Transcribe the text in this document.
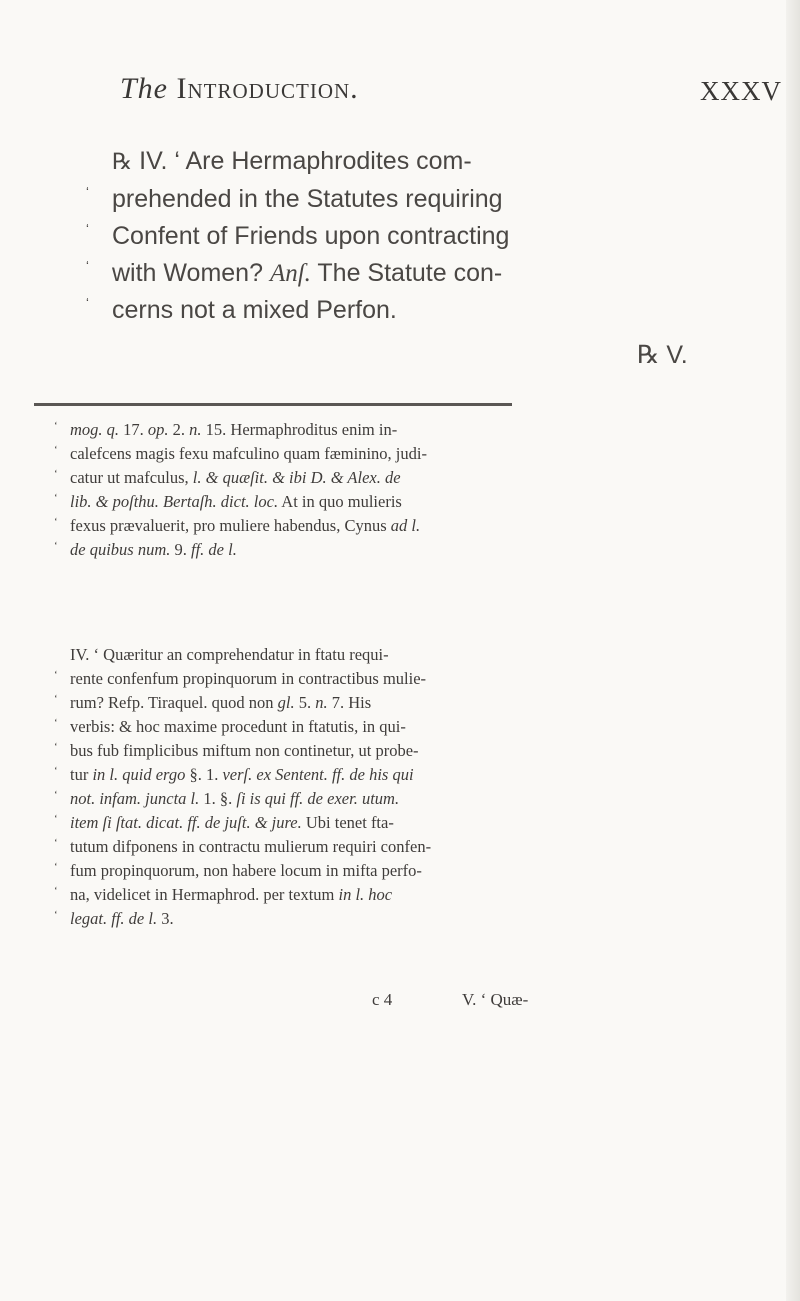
The Introduction.	XXXV
℞ IV. ‘ Are Hermaphrodites com-
‘ prehended in the Statutes requiring
‘ Confent of Friends upon contracting
‘ with Women? Anſ. The Statute con-
‘ cerns not a mixed Perfon.
℞ V.
‘ mog. q. 17. op. 2. n. 15. Hermaphroditus enim in-
‘ calefcens magis fexu mafculino quam fæminino, judi-
‘ catur ut mafculus, l. & quæſit. & ibi D. & Alex. de
‘ lib. & poſthu. Bertaſh. dict. loc. At in quo mulieris
‘ fexus prævaluerit, pro muliere habendus, Cynus ad l.
‘ de quibus num. 9. ff. de l.
IV. ‘ Quæritur an comprehendatur in ftatu requi-
‘ rente confenfum propinquorum in contractibus mulie-
‘ rum? Refp. Tiraquel. quod non gl. 5. n. 7. His
‘ verbis: & hoc maxime procedunt in ftatutis, in qui-
‘ bus fub fimplicibus miftum non continetur, ut probe-
‘ tur in l. quid ergo §. 1. verſ. ex Sentent. ff. de his qui
‘ not. infam. juncta l. 1. §. ſi is qui ff. de exer. utum.
‘ item ſi ſtat. dicat. ff. de juſt. & jure. Ubi tenet fta-
‘ tutum difponens in contractu mulierum requiri confen-
‘ fum propinquorum, non habere locum in mifta perfo-
‘ na, videlicet in Hermaphrod. per textum in l. hoc
‘ legat. ff. de l. 3.
c 4	V. ‘ Quæ-
